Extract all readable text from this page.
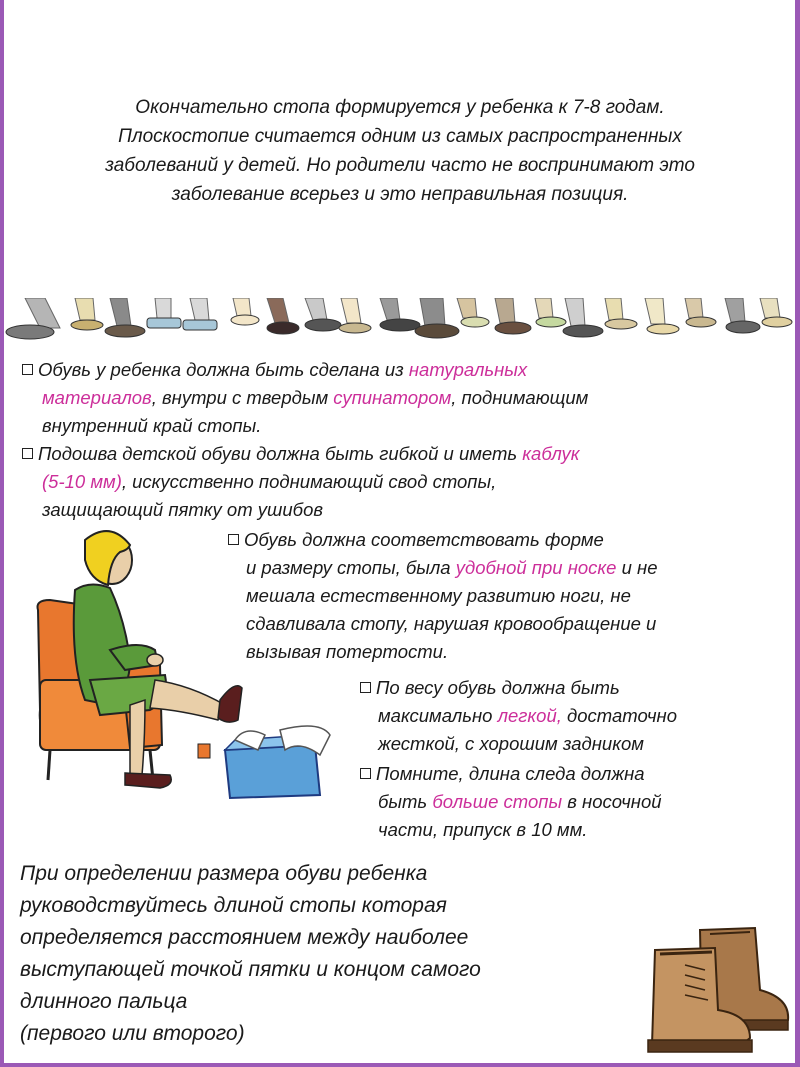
Окончательно стопа формируется у ребенка к 7-8 годам.
Плоскостопие считается одним из самых распространенных
заболеваний у детей. Но родители часто не воспринимают это
заболевание всерьез и это неправильная позиция.
Обувь у ребенка должна быть сделана из натуральных
материалов, внутри с твердым супинатором, поднимающим
внутренний край стопы.
Подошва детской обуви должна быть гибкой и иметь каблук
(5-10 мм), искусственно поднимающий свод стопы,
защищающий пятку от ушибов
Обувь должна соответствовать форме
и размеру стопы, была удобной при носке и не
мешала естественному развитию ноги, не
сдавливала стопу, нарушая кровообращение и
вызывая потертости.
По весу обувь должна быть
максимально легкой, достаточно
жесткой, с хорошим задником
Помните, длина следа должна
быть больше стопы в носочной
части, припуск в 10 мм.
При определении размера обуви ребенка
руководствуйтесь длиной стопы которая
определяется расстоянием между наиболее
выступающей точкой пятки и концом самого
длинного пальца
(первого или второго)
